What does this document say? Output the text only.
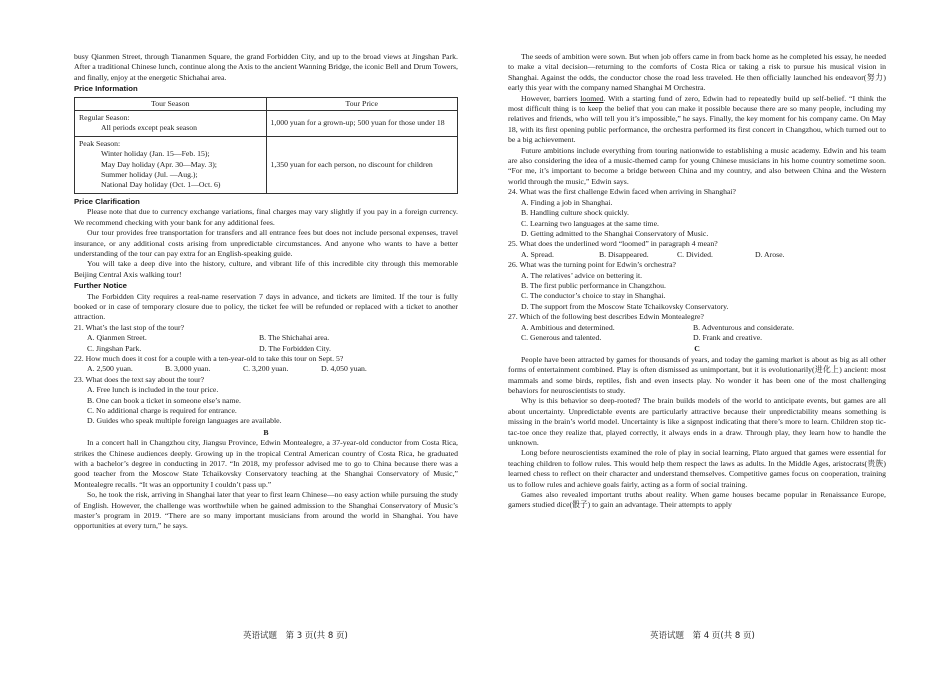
busy Qianmen Street, through Tiananmen Square, the grand Forbidden City, and up to the broad views at Jingshan Park. After a traditional Chinese lunch, continue along the Axis to the ancient Wanning Bridge, the iconic Bell and Drum Towers, and finally, enjoy at the energetic Shichahai area.

Price Information

Tour Season	Tour Price

Regular Season:
All periods except peak season	1,000 yuan for a grown-up; 500 yuan for those under 18

Peak Season:
Winter holiday (Jan. 15—Feb. 15);
May Day holiday (Apr. 30—May. 3);
Summer holiday (Jul. —Aug.);
National Day holiday (Oct. 1—Oct. 6)	1,350 yuan for each person, no discount for children

Price Clarification

Please note that due to currency exchange variations, final charges may vary slightly if you pay in a foreign currency. We recommend checking with your bank for any additional fees.

Our tour provides free transportation for transfers and all entrance fees but does not include personal expenses, travel insurance, or any additional costs arising from unpredictable circumstances. And anyone who wants to have a better understanding of the tour can pay extra for an English-speaking guide.

You will take a deep dive into the history, culture, and vibrant life of this incredible city through this memorable Beijing Central Axis walking tour!

Further Notice

The Forbidden City requires a real-name reservation 7 days in advance, and tickets are limited. If the tour is fully booked or in case of temporary closure due to policy, the ticket fee will be refunded or replaced with a ticket to another attraction.

21. What’s the last stop of the tour?

A. Qianmen Street.	B. The Shichahai area.
C. Jingshan Park.	D. The Forbidden City.

22. How much does it cost for a couple with a ten-year-old to take this tour on Sept. 5?

A. 2,500 yuan.	B. 3,000 yuan.	C. 3,200 yuan.	D. 4,050 yuan.

23. What does the text say about the tour?

A. Free lunch is included in the tour price.
B. One can book a ticket in someone else’s name.
C. No additional charge is required for entrance.
D. Guides who speak multiple foreign languages are available.

B

In a concert hall in Changzhou city, Jiangsu Province, Edwin Montealegre, a 37-year-old conductor from Costa Rica, strikes the Chinese audiences deeply. Growing up in the tropical Central American country of Costa Rica, he graduated with a bachelor’s degree in conducting in 2017. “In 2018, my professor advised me to go to China because there was a good teacher from the Moscow State Tchaikovsky Conservatory teaching at the Shanghai Conservatory of Music,” Montealegre recalls. “It was an opportunity I couldn’t pass up.”

So, he took the risk, arriving in Shanghai later that year to first learn Chinese—no easy action while pursuing the study of English. However, the challenge was worthwhile when he gained admission to the Shanghai Conservatory of Music’s master’s program in 2019. “There are so many important musicians from around the world in Shanghai. You have opportunities at every turn,” he says.

The seeds of ambition were sown. But when job offers came in from back home as he completed his essay, he needed to make a vital decision—returning to the comforts of Costa Rica or taking a risk to pursue his musical vision in Shanghai. Against the odds, the conductor chose the road less traveled. He then officially launched his endeavor(努力) early this year with the company named Shanghai M Orchestra.

However, barriers loomed. With a starting fund of zero, Edwin had to repeatedly build up self-belief. “I think the most difficult thing is to keep the belief that you can make it possible because there are so many people, including my relatives and friends, who will tell you it’s impossible,” he says. Finally, the key moment for his company came. On May 18, with its first opening public performance, the orchestra performed its first concert in Changzhou, which turned out to be a big achievement.

Future ambitions include everything from touring nationwide to establishing a music academy. Edwin and his team are also considering the idea of a music-themed camp for young Chinese musicians in his home country sometime soon. “For me, it’s important to become a bridge between China and my country, and also between China and the Western world through the music,” Edwin says.

24. What was the first challenge Edwin faced when arriving in Shanghai?

A. Finding a job in Shanghai.
B. Handling culture shock quickly.
C. Learning two languages at the same time.
D. Getting admitted to the Shanghai Conservatory of Music.

25. What does the underlined word “loomed” in paragraph 4 mean?

A. Spread.	B. Disappeared.	C. Divided.	D. Arose.

26. What was the turning point for Edwin’s orchestra?

A. The relatives’ advice on bettering it.
B. The first public performance in Changzhou.
C. The conductor’s choice to stay in Shanghai.
D. The support from the Moscow State Tchaikovsky Conservatory.

27. Which of the following best describes Edwin Montealegre?

A. Ambitious and determined.	B. Adventurous and considerate.
C. Generous and talented.	D. Frank and creative.

C

People have been attracted by games for thousands of years, and today the gaming market is about as big as all other forms of entertainment combined. Play is often dismissed as unimportant, but it is evolutionarily(进化上) ancient: most mammals and some birds, reptiles, fish and even insects play. No wonder it has been one of the most challenging behaviors for neuroscientists to study.

Why is this behavior so deep-rooted? The brain builds models of the world to anticipate events, but games are all about uncertainty. Unpredictable events are particularly attractive because their unpredictability means something is missing in the brain’s world model. Uncertainty is like a signpost indicating that there’s more to learn. Children stop tic-tac-toe once they realize that, played correctly, it always ends in a draw. Through play, they learn how to handle the unknown.

Long before neuroscientists examined the role of play in social learning, Plato argued that games were essential for teaching children to follow rules. This would help them respect the laws as adults. In the Middle Ages, aristocrats(贵族) learned chess to reflect on their character and understand themselves. Competitive games focus on cooperation, training us to follow rules and achieve goals fairly, acting as a form of social training.

Games also revealed important truths about reality. When game houses became popular in Renaissance Europe, gamers studied dice(骰子) to gain an advantage. Their attempts to apply

英语试题　第 3 页(共 8 页)	英语试题　第 4 页(共 8 页)
